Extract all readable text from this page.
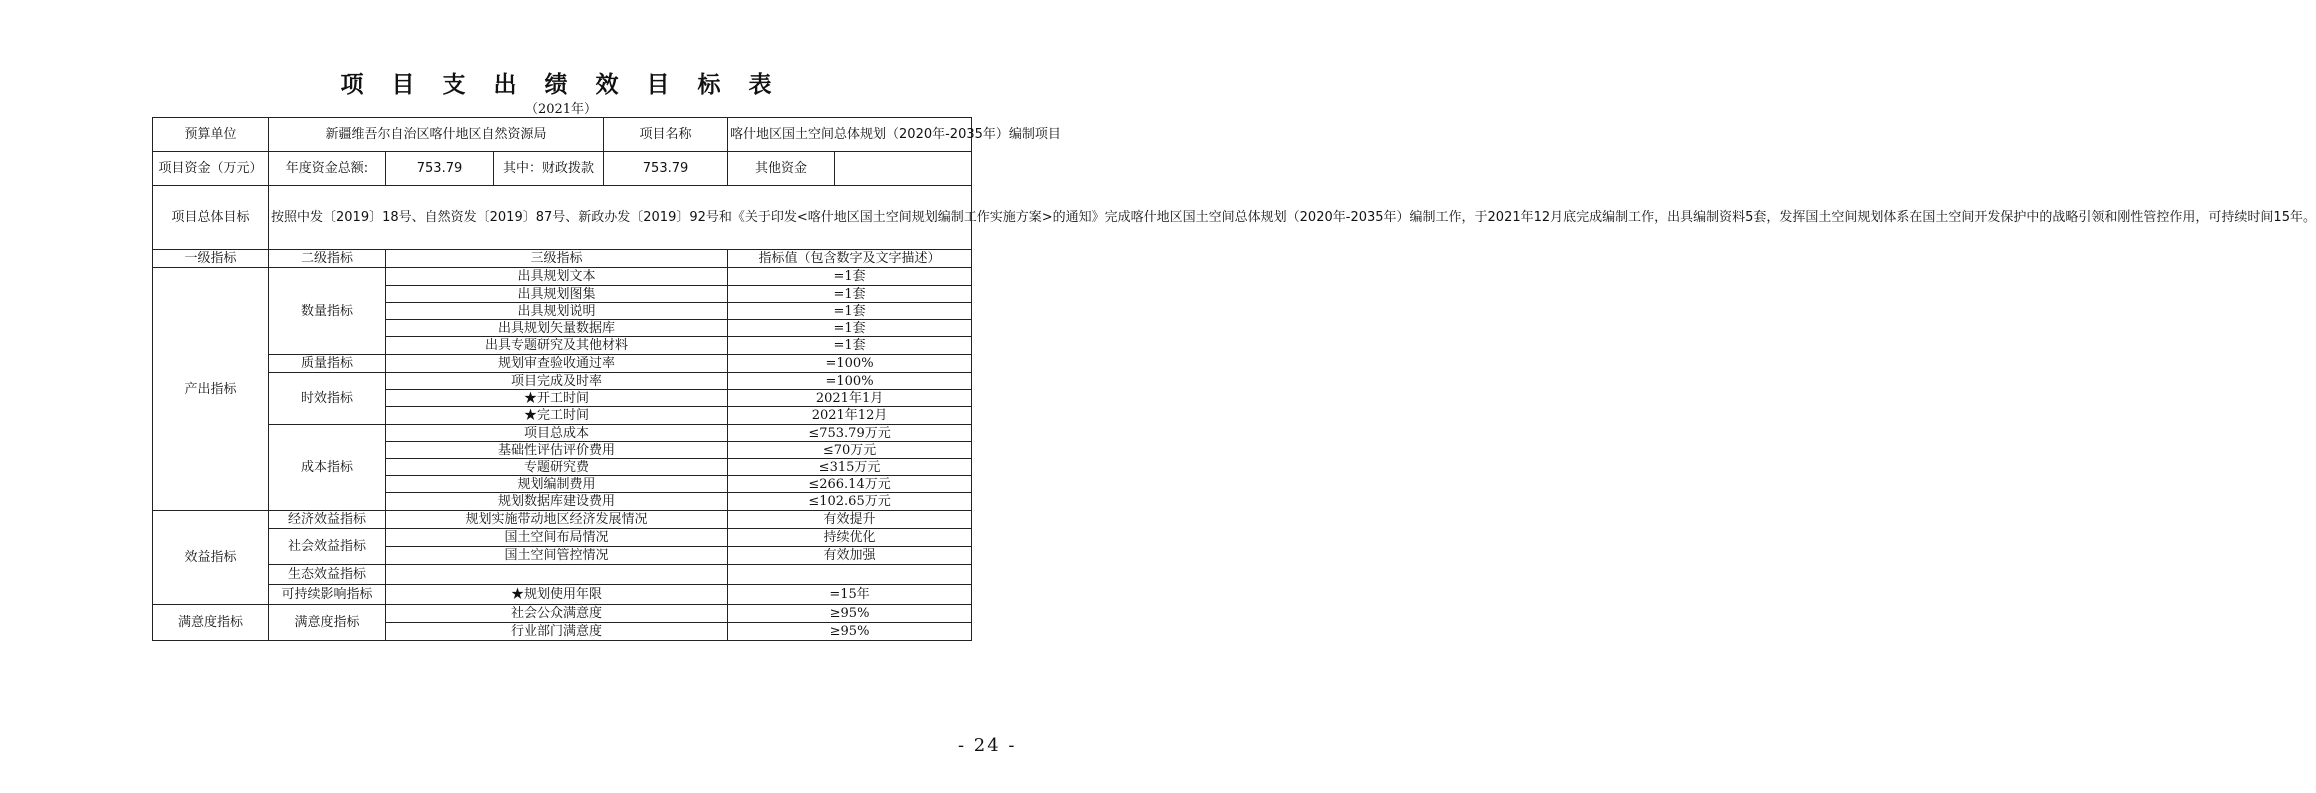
项 目 支 出 绩 效 目 标 表
（2021年）
预算单位	新疆维吾尔自治区喀什地区自然资源局			项目名称	喀什地区国土空间总体规划（2020年-2035年）编制项目	
项目资金（万元）	年度资金总额:	753.79	其中：财政拨款	753.79	其他资金	
项目总体目标	按照中发〔2019〕18号、自然资发〔2019〕87号、新政办发〔2019〕92号和《关于印发<喀什地区国土空间规划编制工作实施方案>的通知》完成喀什地区国土空间总体规划（2020年-2035年）编制工作，于2021年12月底完成编制工作，出具编制资料5套，发挥国土空间规划体系在国土空间开发保护中的战略引领和刚性管控作用，可持续时间15年。					
一级指标	二级指标	三级指标			指标值（包含数字及文字描述）	
产出指标	数量指标	出具规划文本			=1套	
		出具规划图集			=1套	
		出具规划说明			=1套	
		出具规划矢量数据库			=1套	
		出具专题研究及其他材料			=1套	
	质量指标	规划审查验收通过率			=100%	
	时效指标	项目完成及时率			=100%	
		★开工时间			2021年1月	
		★完工时间			2021年12月	
	成本指标	项目总成本			≤753.79万元	
		基础性评估评价费用			≤70万元	
		专题研究费			≤315万元	
		规划编制费用			≤266.14万元	
		规划数据库建设费用			≤102.65万元	
效益指标	经济效益指标	规划实施带动地区经济发展情况			有效提升	
	社会效益指标	国土空间布局情况			持续优化	
		国土空间管控情况			有效加强	
	生态效益指标					
	可持续影响指标	★规划使用年限			=15年	
满意度指标	满意度指标	社会公众满意度			≥95%	
		行业部门满意度			≥95%	
- 24 -
